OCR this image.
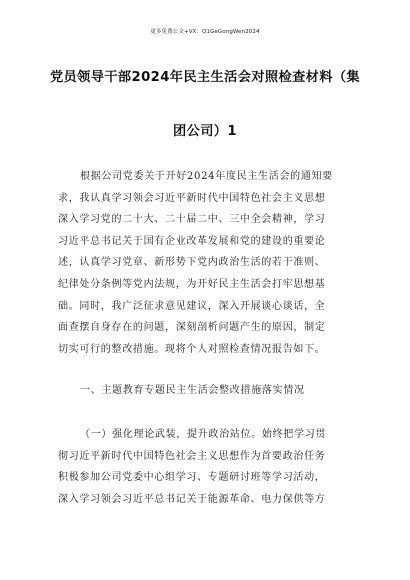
更多免费公文+VX：Q1GeGongWen2024
党员领导干部2024年民主生活会对照检查材料（集
团公司）1
根据公司党委关于开好2024年度民主生活会的通知要
求，我认真学习领会习近平新时代中国特色社会主义思想
深入学习党的二十大、二十届二中、三中全会精神，学习
习近平总书记关于国有企业改革发展和党的建设的重要论
述，认真学习党章、新形势下党内政治生活的若干准则、
纪律处分条例等党内法规，为开好民主生活会打牢思想基
础。同时，我广泛征求意见建议，深入开展谈心谈话，全
面查摆自身存在的问题，深刻剖析问题产生的原因，制定
切实可行的整改措施。现将个人对照检查情况报告如下。
一、主题教育专题民主生活会整改措施落实情况
（一）强化理论武装，提升政治站位。始终把学习贯
彻习近平新时代中国特色社会主义思想作为首要政治任务
积极参加公司党委中心组学习、专题研讨班等学习活动，
深入学习领会习近平总书记关于能源革命、电力保供等方
